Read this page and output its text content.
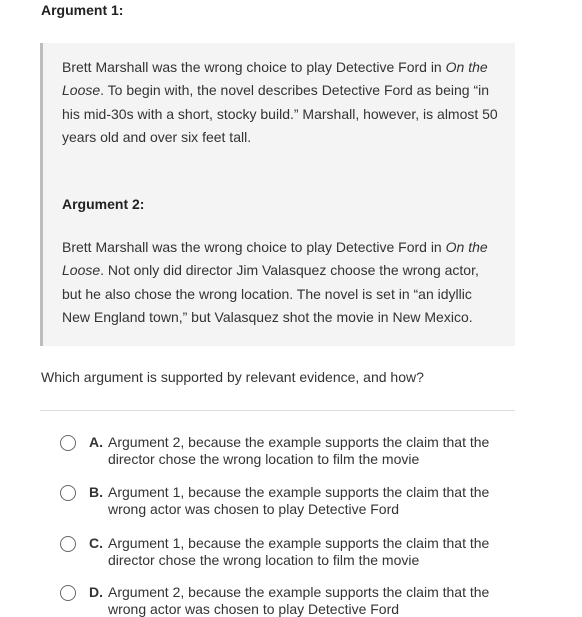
Argument 1:
Brett Marshall was the wrong choice to play Detective Ford in On the Loose. To begin with, the novel describes Detective Ford as being “in his mid-30s with a short, stocky build.” Marshall, however, is almost 50 years old and over six feet tall.
Argument 2:
Brett Marshall was the wrong choice to play Detective Ford in On the Loose. Not only did director Jim Valasquez choose the wrong actor, but he also chose the wrong location. The novel is set in “an idyllic New England town,” but Valasquez shot the movie in New Mexico.
Which argument is supported by relevant evidence, and how?
A. Argument 2, because the example supports the claim that the director chose the wrong location to film the movie
B. Argument 1, because the example supports the claim that the wrong actor was chosen to play Detective Ford
C. Argument 1, because the example supports the claim that the director chose the wrong location to film the movie
D. Argument 2, because the example supports the claim that the wrong actor was chosen to play Detective Ford
